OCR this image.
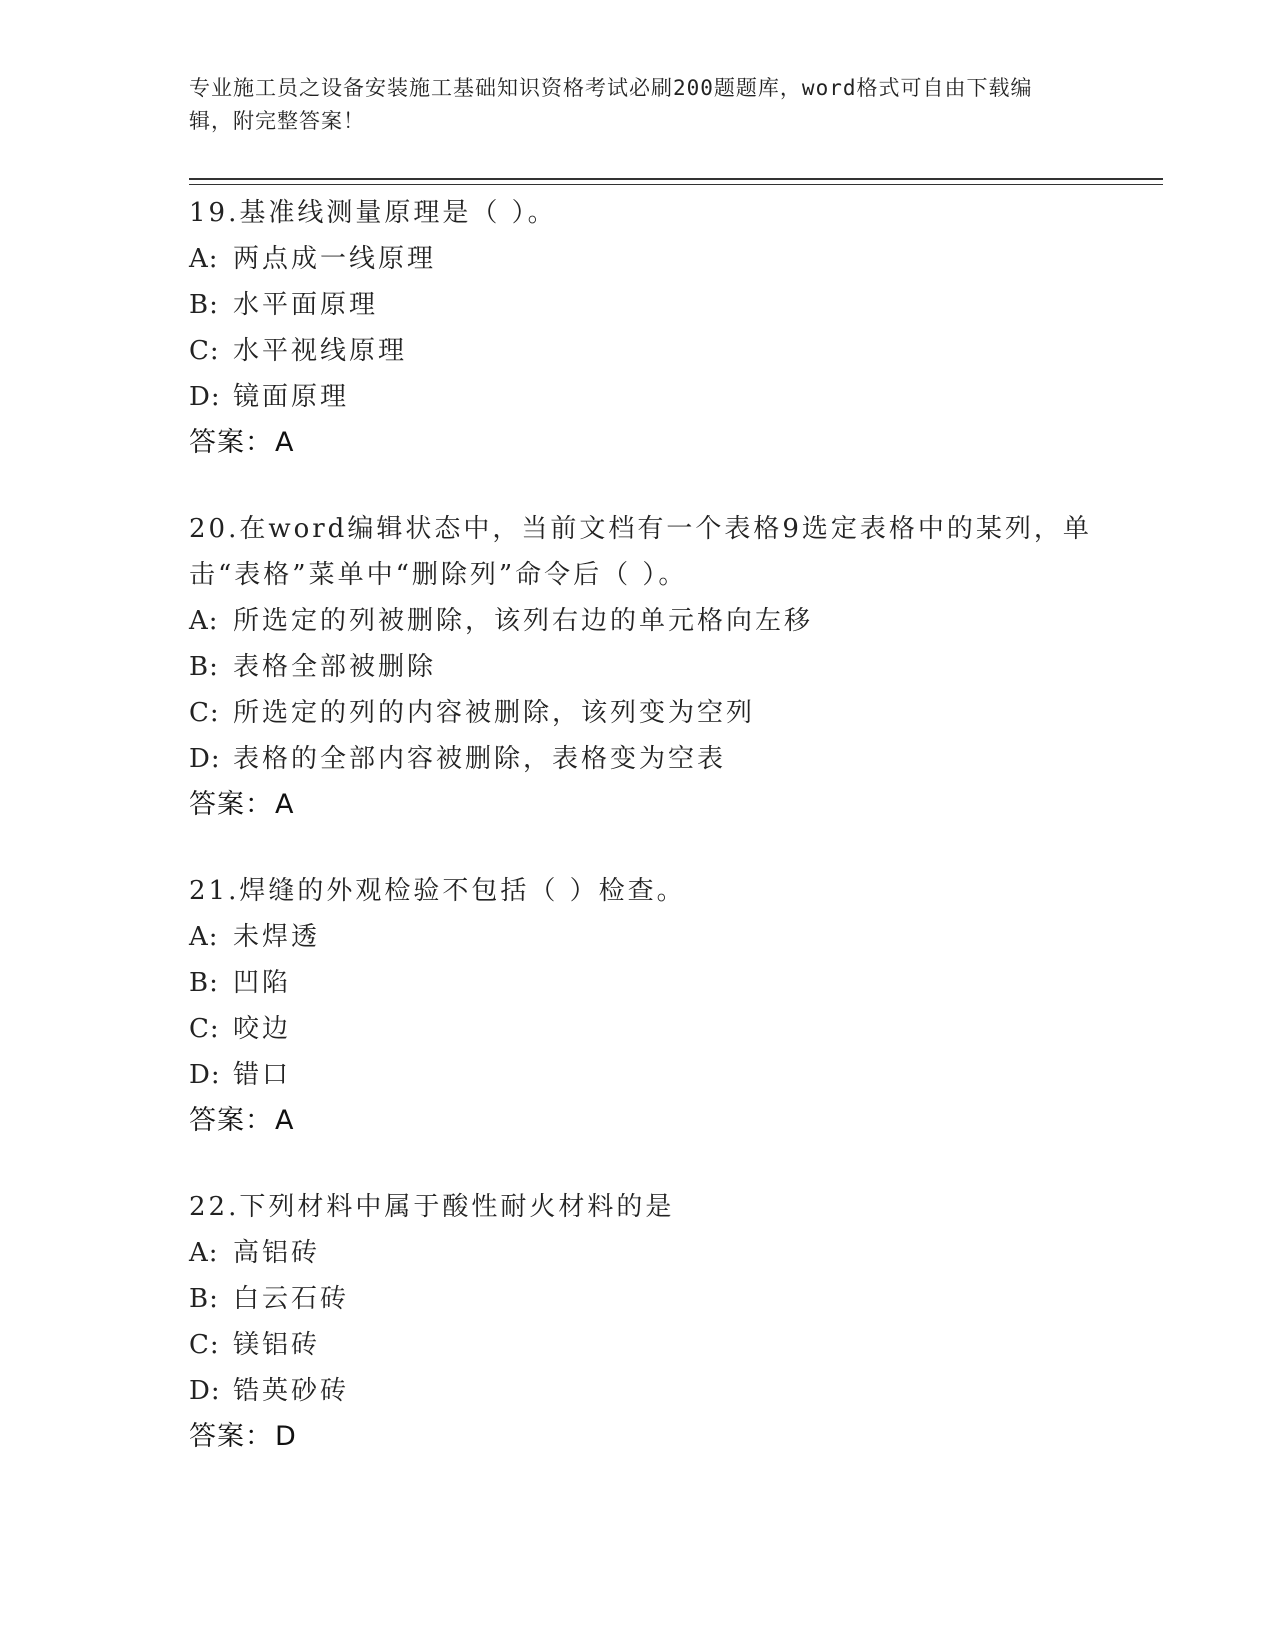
专业施工员之设备安装施工基础知识资格考试必刷200题题库，word格式可自由下载编辑，附完整答案！
19.基准线测量原理是（ ）。
A: 两点成一线原理
B: 水平面原理
C: 水平视线原理
D: 镜面原理
答案：A
20.在word编辑状态中，当前文档有一个表格9选定表格中的某列，单击“表格”菜单中“删除列”命令后（ ）。
A: 所选定的列被删除，该列右边的单元格向左移
B: 表格全部被删除
C: 所选定的列的内容被删除，该列变为空列
D: 表格的全部内容被删除，表格变为空表
答案：A
21.焊缝的外观检验不包括（ ）检查。
A: 未焊透
B: 凹陷
C: 咬边
D: 错口
答案：A
22.下列材料中属于酸性耐火材料的是
A: 高铝砖
B: 白云石砖
C: 镁铝砖
D: 锆英砂砖
答案：D
